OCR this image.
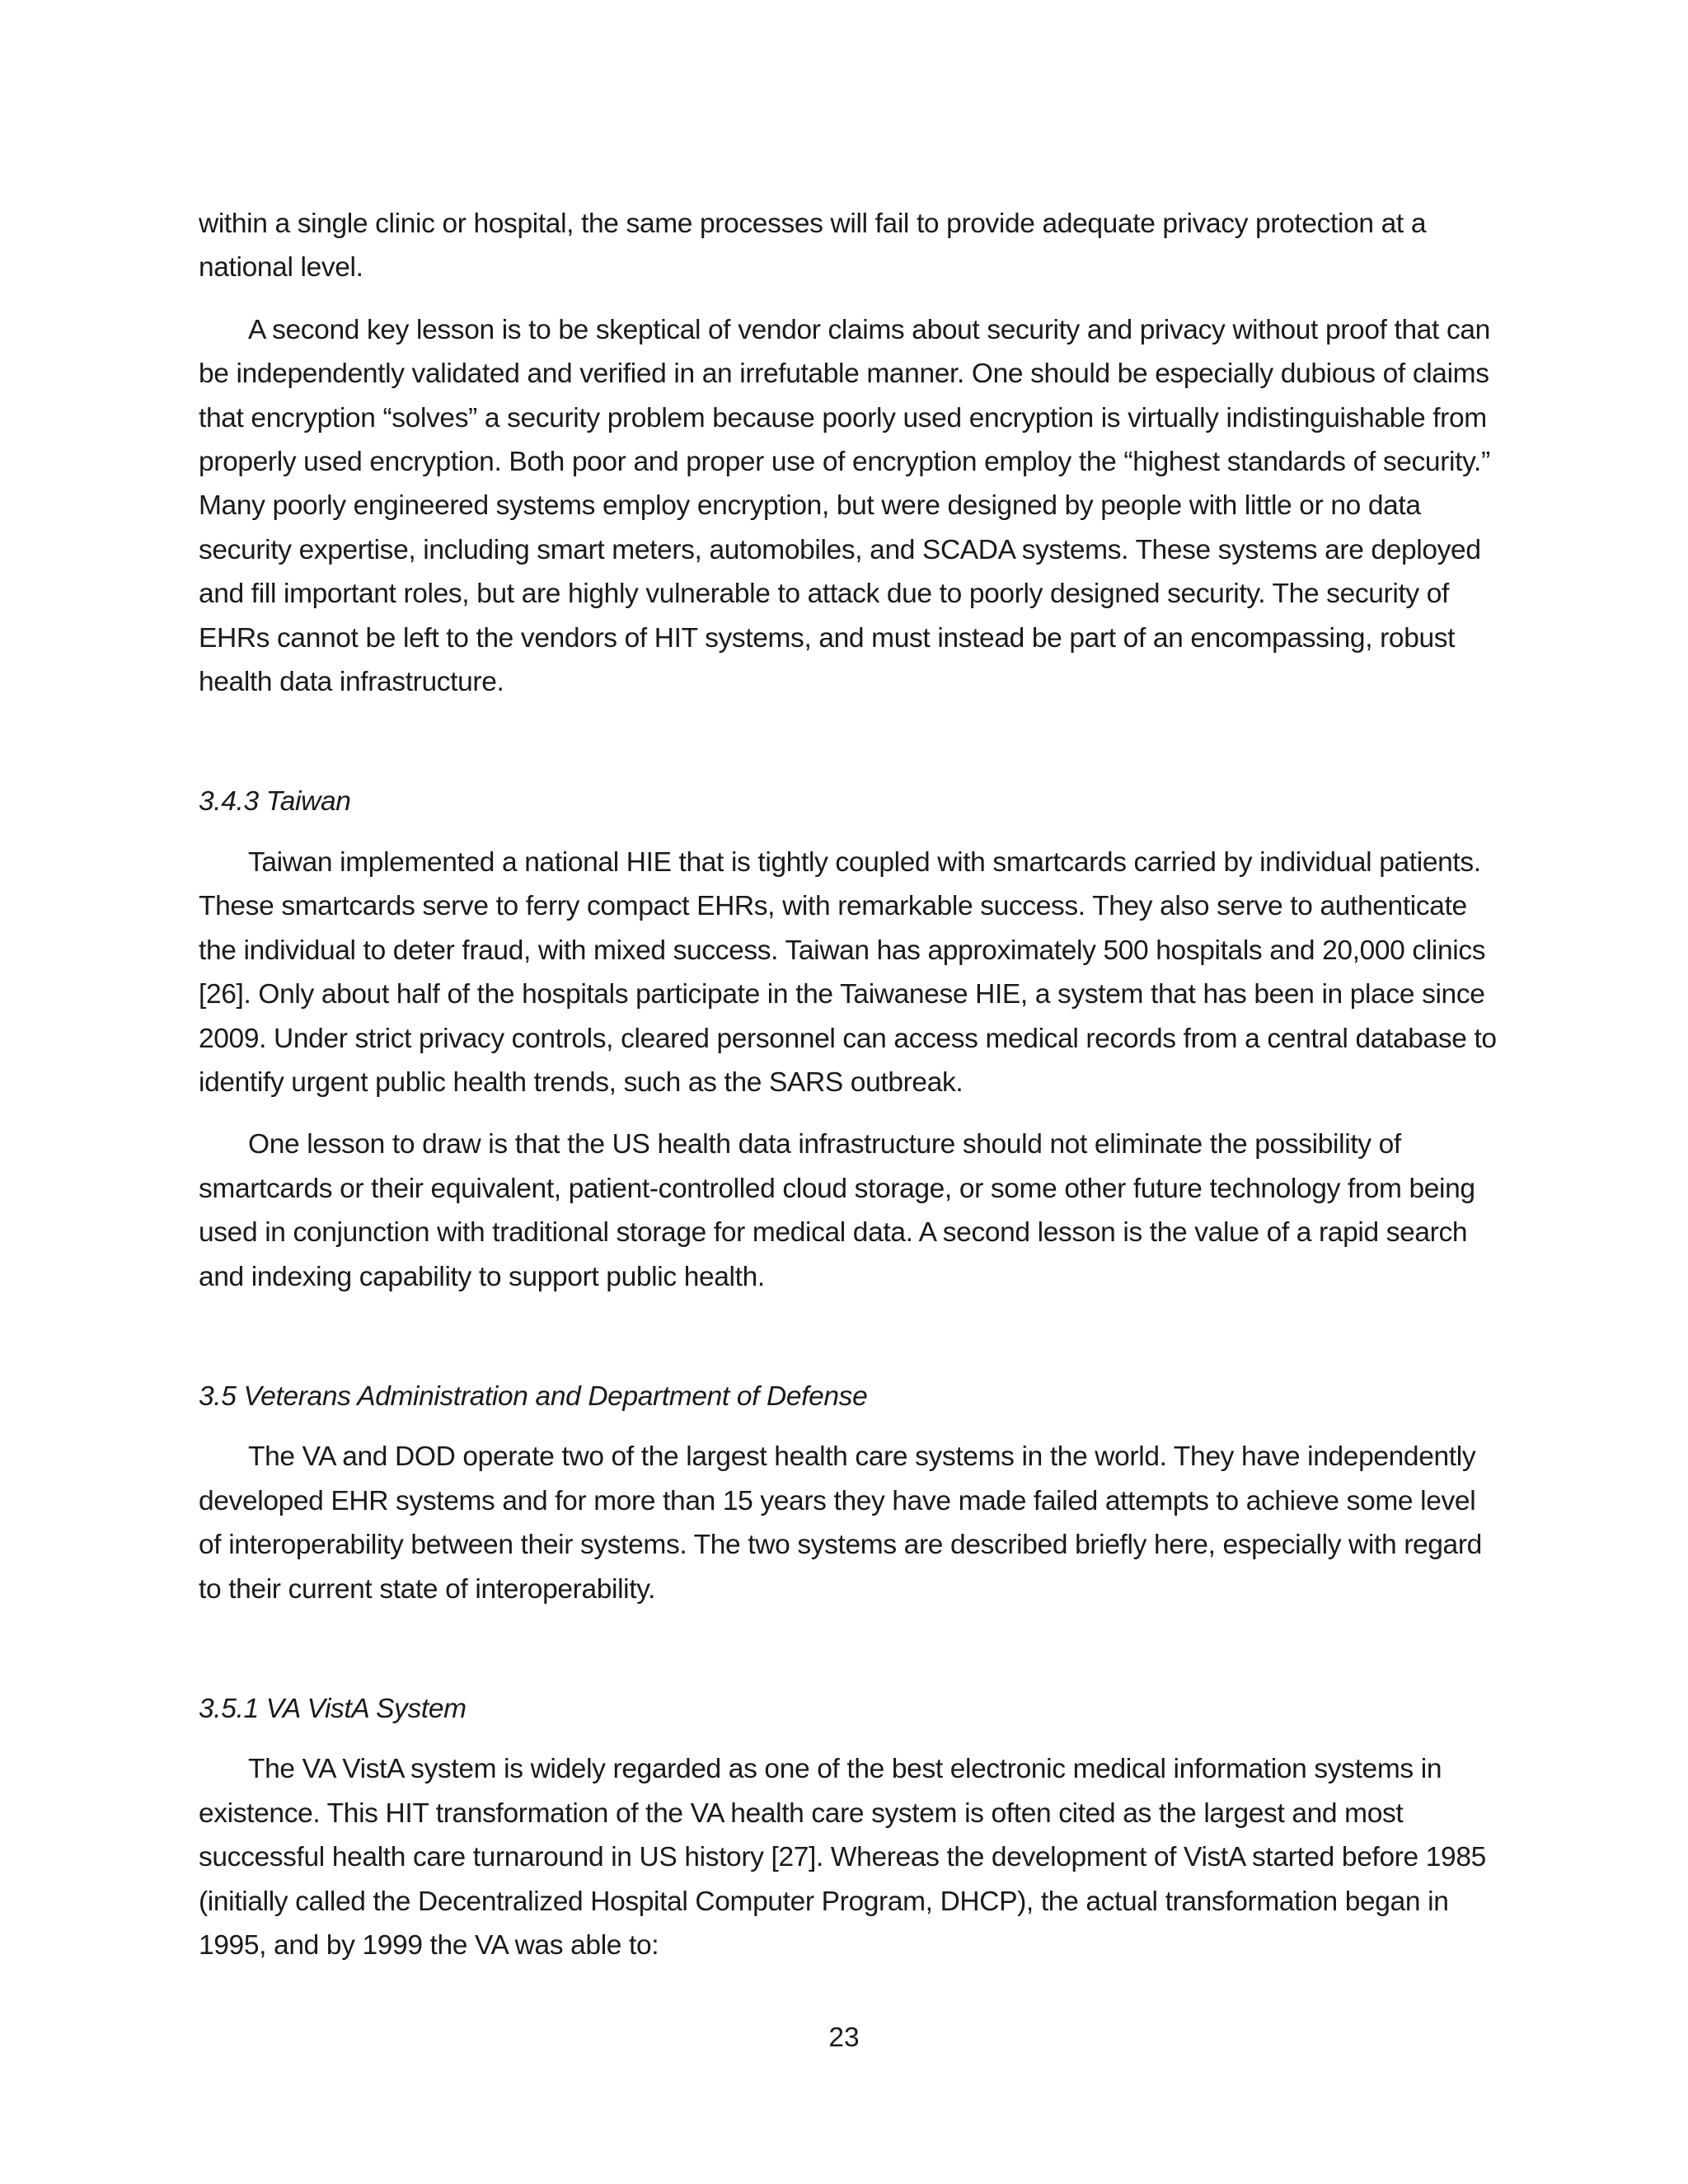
within a single clinic or hospital, the same processes will fail to provide adequate privacy protection at a national level.

A second key lesson is to be skeptical of vendor claims about security and privacy without proof that can be independently validated and verified in an irrefutable manner. One should be especially dubious of claims that encryption “solves” a security problem because poorly used encryption is virtually indistinguishable from properly used encryption. Both poor and proper use of encryption employ the “highest standards of security.” Many poorly engineered systems employ encryption, but were designed by people with little or no data security expertise, including smart meters, automobiles, and SCADA systems. These systems are deployed and fill important roles, but are highly vulnerable to attack due to poorly designed security. The security of EHRs cannot be left to the vendors of HIT systems, and must instead be part of an encompassing, robust health data infrastructure.

3.4.3 Taiwan

Taiwan implemented a national HIE that is tightly coupled with smartcards carried by individual patients. These smartcards serve to ferry compact EHRs, with remarkable success. They also serve to authenticate the individual to deter fraud, with mixed success. Taiwan has approximately 500 hospitals and 20,000 clinics [26]. Only about half of the hospitals participate in the Taiwanese HIE, a system that has been in place since 2009. Under strict privacy controls, cleared personnel can access medical records from a central database to identify urgent public health trends, such as the SARS outbreak.

One lesson to draw is that the US health data infrastructure should not eliminate the possibility of smartcards or their equivalent, patient-controlled cloud storage, or some other future technology from being used in conjunction with traditional storage for medical data. A second lesson is the value of a rapid search and indexing capability to support public health.

3.5 Veterans Administration and Department of Defense

The VA and DOD operate two of the largest health care systems in the world. They have independently developed EHR systems and for more than 15 years they have made failed attempts to achieve some level of interoperability between their systems. The two systems are described briefly here, especially with regard to their current state of interoperability.

3.5.1 VA VistA System

The VA VistA system is widely regarded as one of the best electronic medical information systems in existence. This HIT transformation of the VA health care system is often cited as the largest and most successful health care turnaround in US history [27]. Whereas the development of VistA started before 1985 (initially called the Decentralized Hospital Computer Program, DHCP), the actual transformation began in 1995, and by 1999 the VA was able to:

23
